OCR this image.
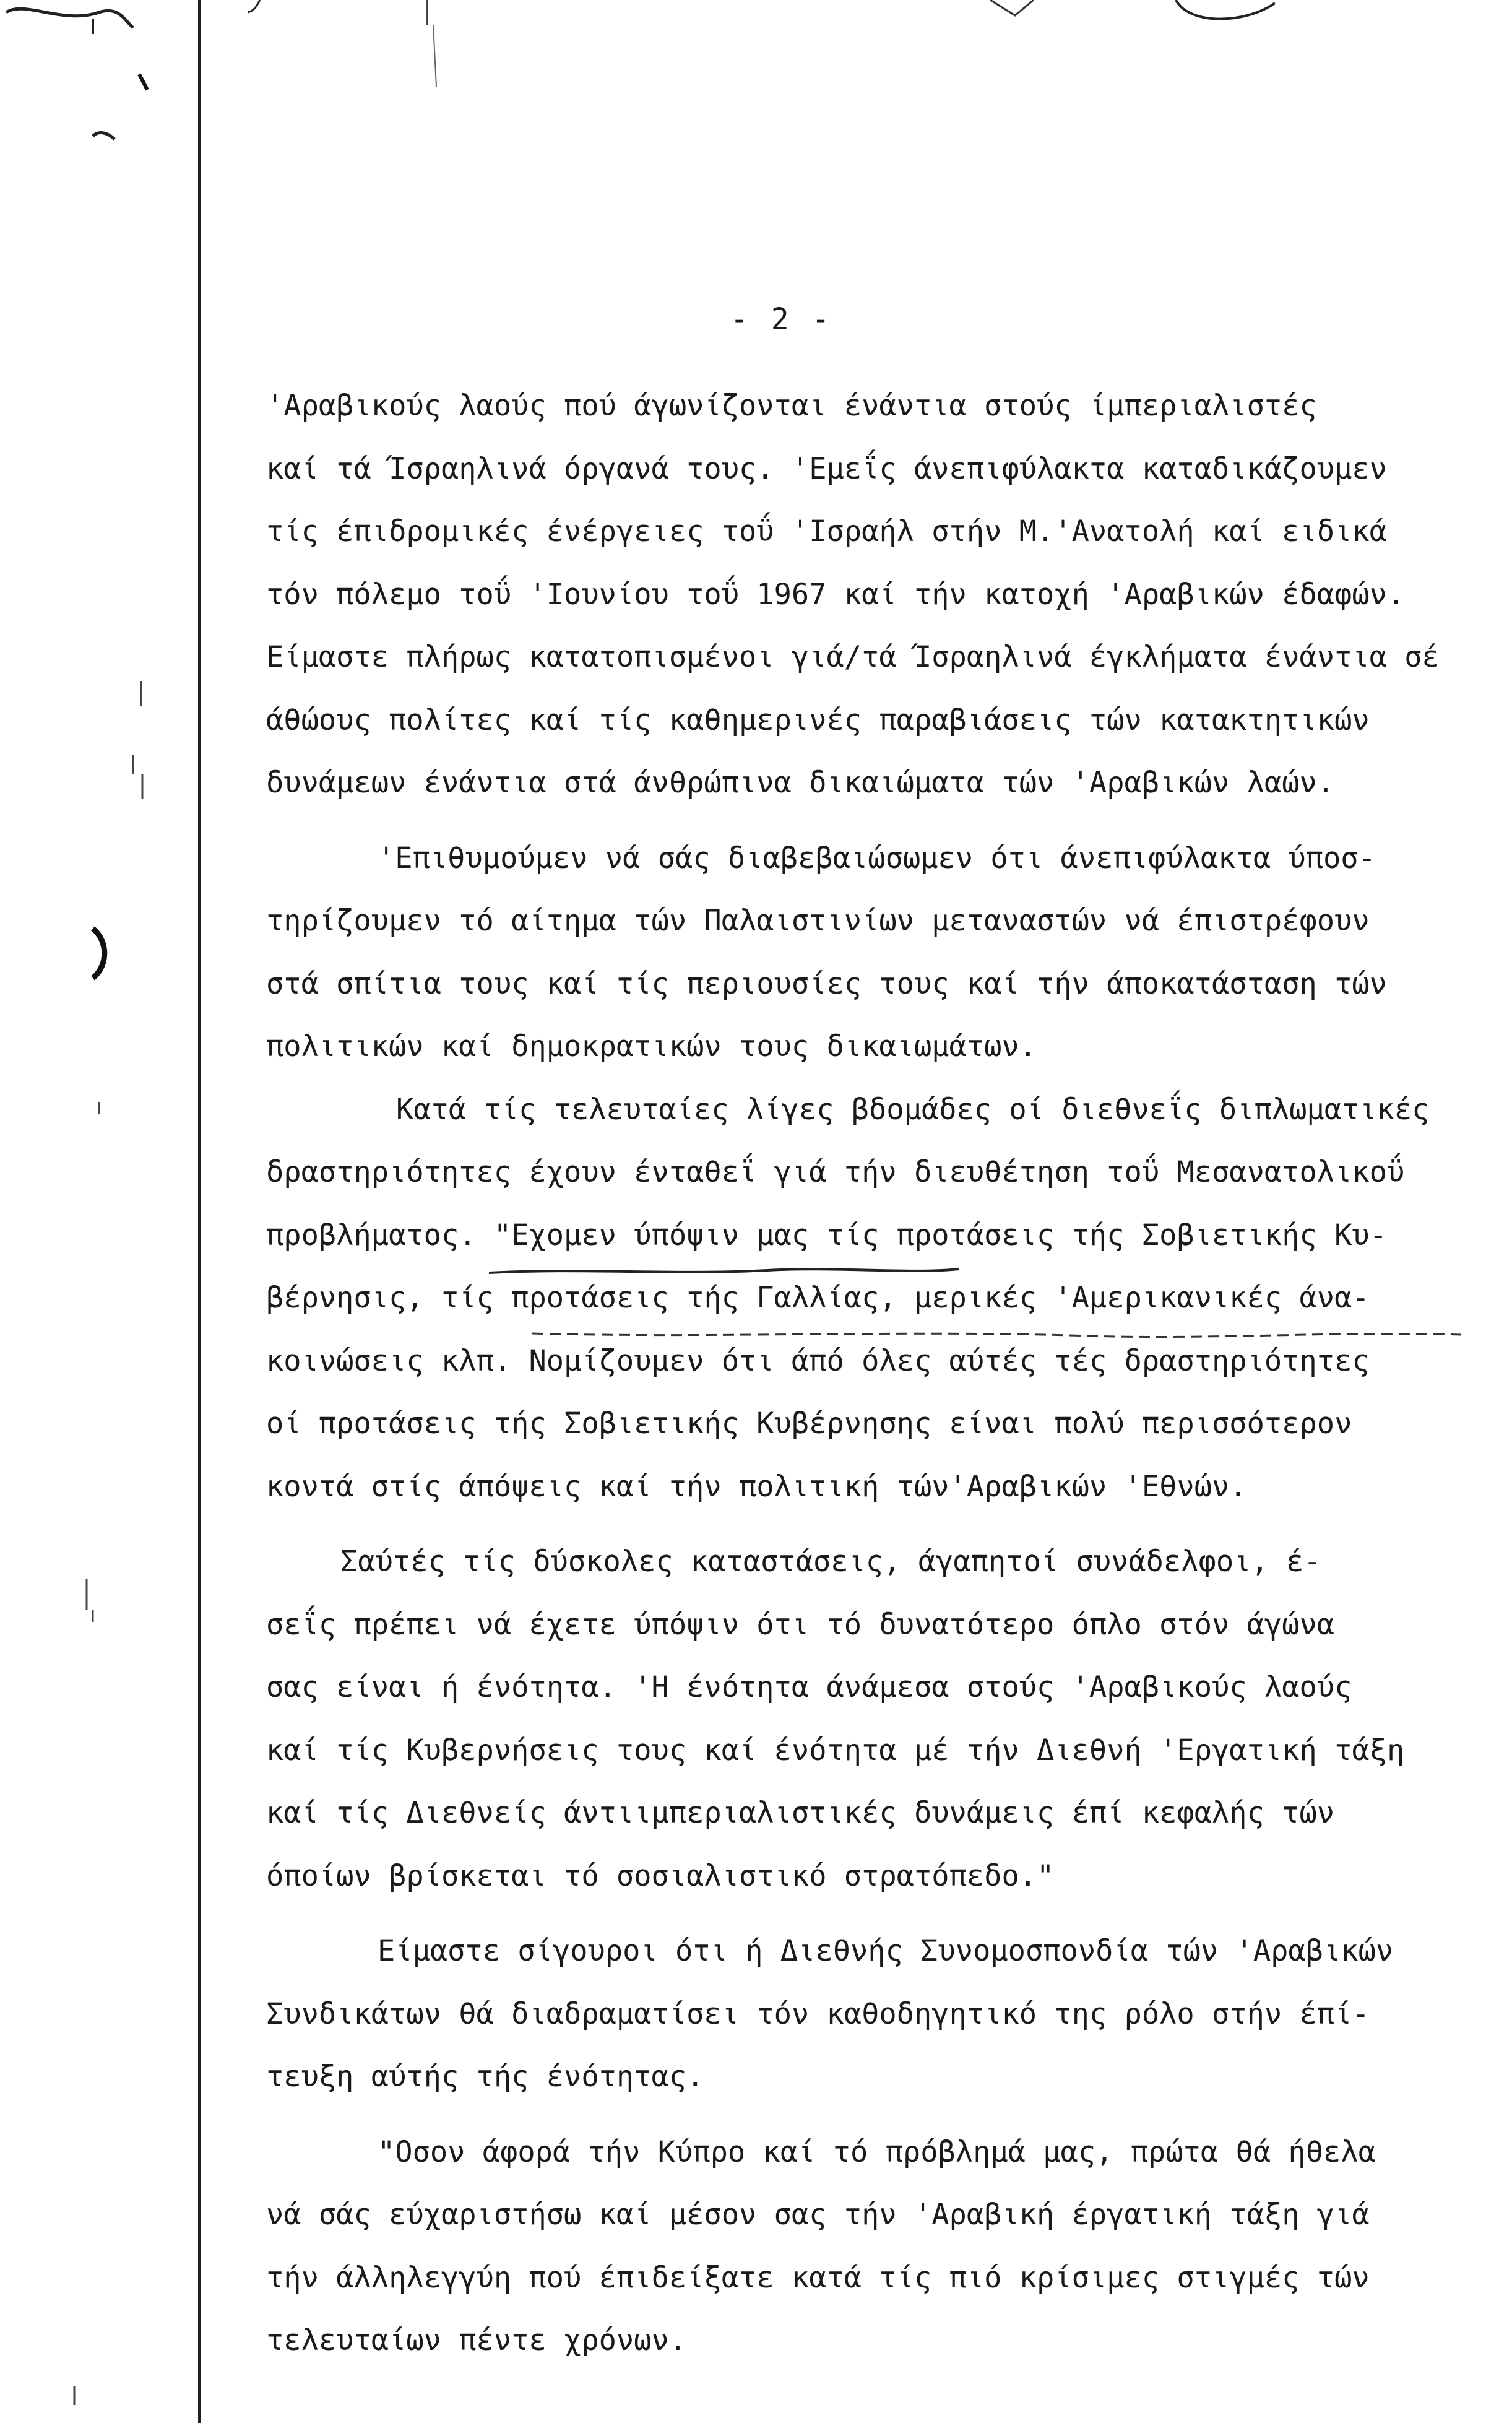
- 2 -

'Αραβικούς λαούς πού άγωνίζονται ένάντια στούς ίμπεριαλιστές

καί τά Ίσραηλινά όργανά τους. 'Εμεΐς άνεπιφύλακτα καταδικάζουμεν

τίς έπιδρομικές ένέργειες τοΰ 'Ισραήλ στήν Μ.'Ανατολή καί ειδικά

τόν πόλεμο τοΰ 'Ιουνίου τοΰ 1967 καί τήν κατοχή 'Αραβικών έδαφών.

Είμαστε πλήρως κατατοπισμένοι γιά/τά Ίσραηλινά έγκλήματα ένάντια σέ

άθώους πολίτες καί τίς καθημερινές παραβιάσεις τών κατακτητικών

δυνάμεων ένάντια στά άνθρώπινα δικαιώματα τών 'Αραβικών λαών.

'Επιθυμούμεν νά σάς διαβεβαιώσωμεν ότι άνεπιφύλακτα ύποσ-

τηρίζουμεν τό αίτημα τών Παλαιστινίων μεταναστών νά έπιστρέφουν

στά σπίτια τους καί τίς περιουσίες τους καί τήν άποκατάσταση τών

πολιτικών καί δημοκρατικών τους δικαιωμάτων.

Κατά τίς τελευταίες λίγες βδομάδες οί διεθνεΐς διπλωματικές

δραστηριότητες έχουν ένταθεΐ γιά τήν διευθέτηση τοΰ Μεσανατολικοΰ

προβλήματος. "Εχομεν ύπόψιν μας τίς προτάσεις τής Σοβιετικής Κυ-

βέρνησις, τίς προτάσεις τής Γαλλίας, μερικές 'Αμερικανικές άνα-

κοινώσεις κλπ. Νομίζουμεν ότι άπό όλες αύτές τές δραστηριότητες

οί προτάσεις τής Σοβιετικής Κυβέρνησης είναι πολύ περισσότερον

κοντά στίς άπόψεις καί τήν πολιτική τών'Αραβικών 'Εθνών.

Σαύτές τίς δύσκολες καταστάσεις, άγαπητοί συνάδελφοι, έ-

σεΐς πρέπει νά έχετε ύπόψιν ότι τό δυνατότερο όπλο στόν άγώνα

σας είναι ή ένότητα. 'Η ένότητα άνάμεσα στούς 'Αραβικούς λαούς

καί τίς Κυβερνήσεις τους καί ένότητα μέ τήν Διεθνή 'Εργατική τάξη

καί τίς Διεθνείς άντιιμπεριαλιστικές δυνάμεις έπί κεφαλής τών

όποίων βρίσκεται τό σοσιαλιστικό στρατόπεδο."

Είμαστε σίγουροι ότι ή Διεθνής Συνομοσπονδία τών 'Αραβικών

Συνδικάτων θά διαδραματίσει τόν καθοδηγητικό της ρόλο στήν έπί-

τευξη αύτής τής ένότητας.

"Οσον άφορά τήν Κύπρο καί τό πρόβλημά μας, πρώτα θά ήθελα

νά σάς εύχαριστήσω καί μέσον σας τήν 'Αραβική έργατική τάξη γιά

τήν άλληλεγγύη πού έπιδείξατε κατά τίς πιό κρίσιμες στιγμές τών

τελευταίων πέντε χρόνων.
